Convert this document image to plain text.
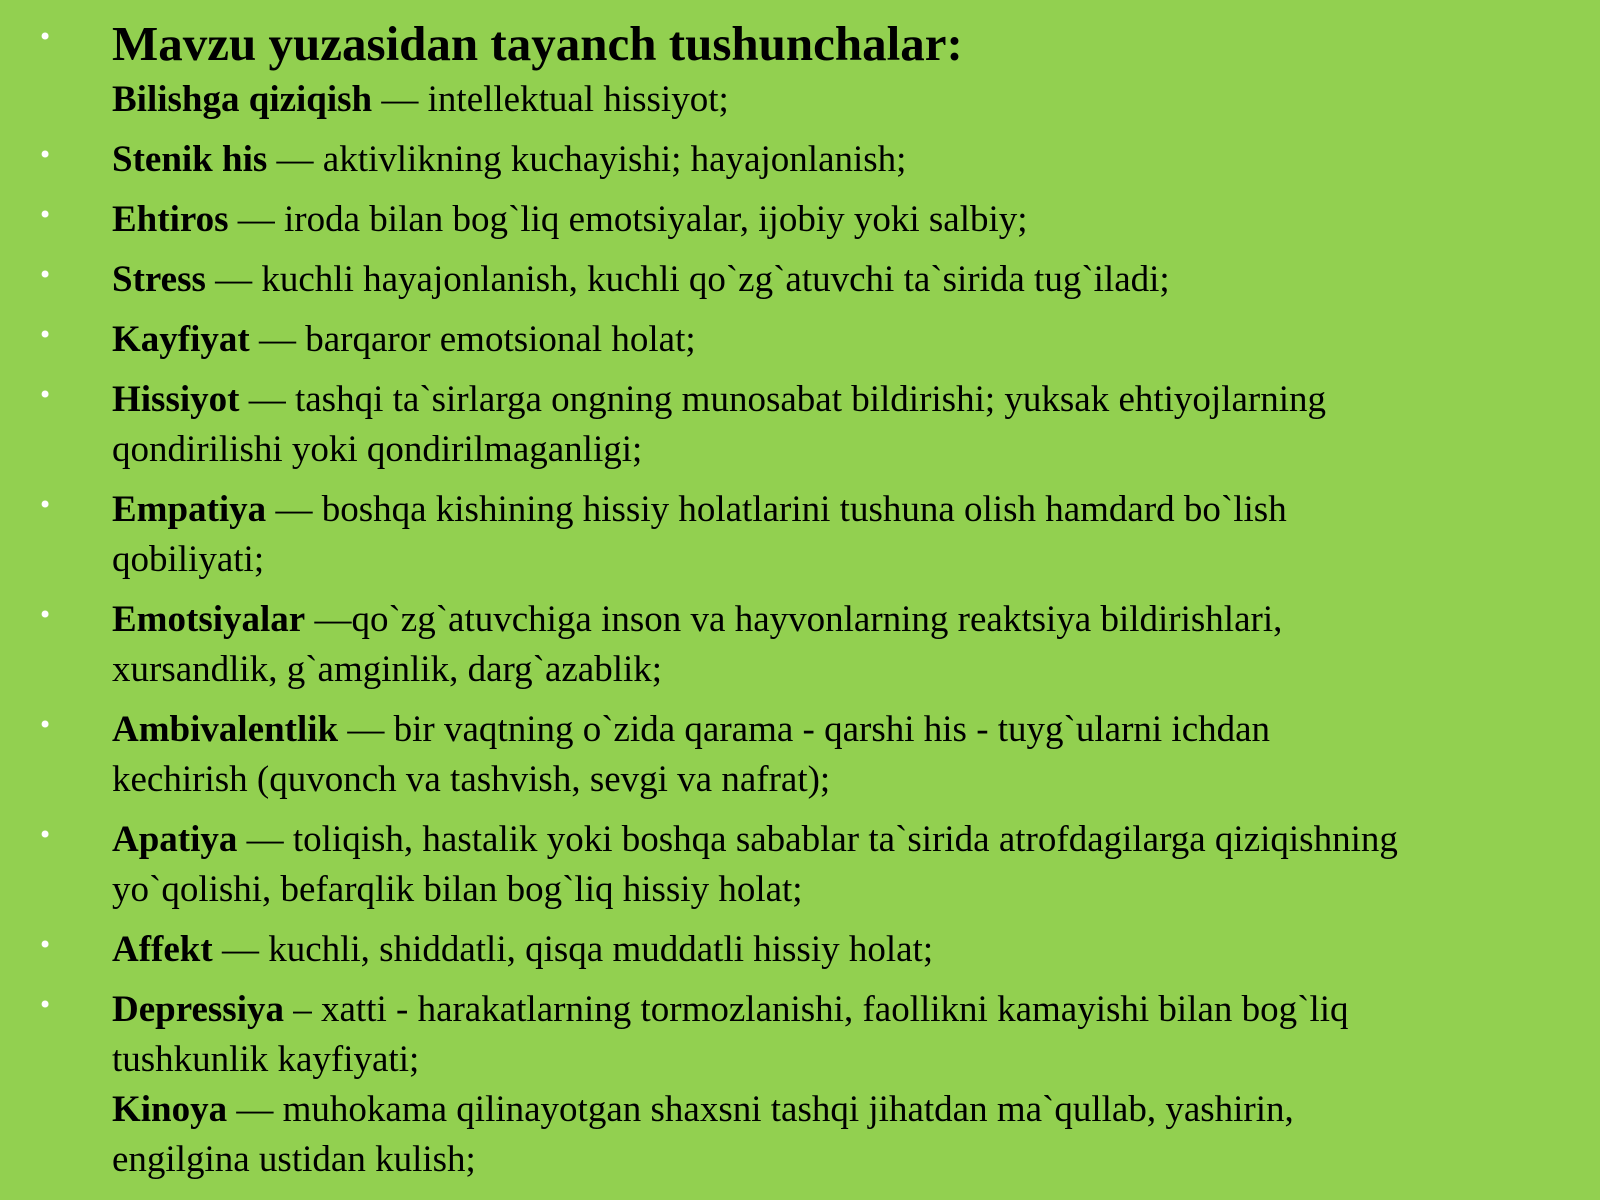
• Mavzu yuzasidan tayanch tushunchalar:
Bilishga qiziqish — intellektual hissiyot;
• Stenik his — aktivlikning kuchayishi; hayajonlanish;
• Ehtiros — iroda bilan bog`liq emotsiyalar, ijobiy yoki salbiy;
• Stress — kuchli hayajonlanish, kuchli qo`zg`atuvchi ta`sirida tug`iladi;
• Kayfiyat — barqaror emotsional holat;
• Hissiyot — tashqi ta`sirlarga ongning munosabat bildirishi; yuksak ehtiyojlarning
qondirilishi yoki qondirilmaganligi;
• Empatiya — boshqa kishining hissiy holatlarini tushuna olish hamdard bo`lish
qobiliyati;
• Emotsiyalar —qo`zg`atuvchiga inson va hayvonlarning reaktsiya bildirishlari,
xursandlik, g`amginlik, darg`azablik;
• Ambivalentlik — bir vaqtning o`zida qarama - qarshi his - tuyg`ularni ichdan
kechirish (quvonch va tashvish, sevgi va nafrat);
• Apatiya — toliqish, hastalik yoki boshqa sabablar ta`sirida atrofdagilarga qiziqishning
yo`qolishi, befarqlik bilan bog`liq hissiy holat;
• Affekt — kuchli, shiddatli, qisqa muddatli hissiy holat;
• Depressiya – xatti - harakatlarning tormozlanishi, faollikni kamayishi bilan bog`liq
tushkunlik kayfiyati;
Kinoya — muhokama qilinayotgan shaxsni tashqi jihatdan ma`qullab, yashirin,
engilgina ustidan kulish;
